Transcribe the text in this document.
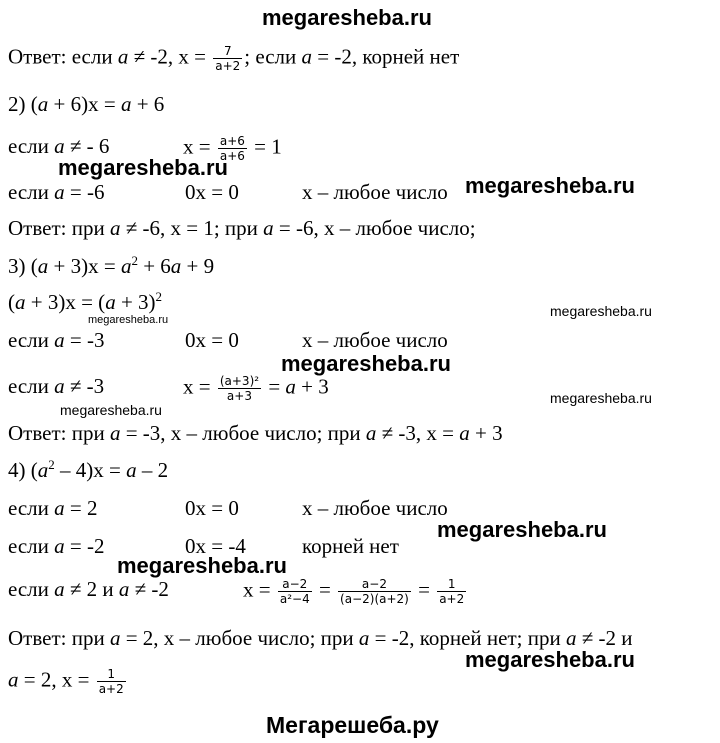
megaresheba.ru
megaresheba.ru
megaresheba.ru
megaresheba.ru
megaresheba.ru
megaresheba.ru
megaresheba.ru
megaresheba.ru
megaresheba.ru
megaresheba.ru
megaresheba.ru
Мегарешеба.ру
Ответ: если a ≠ -2, $x = \frac{7}{a+2}$ ; если a = -2, корней нет
2) (a + 6)x = a + 6
если a ≠ - 6	$x = \frac{a+6}{a+6} = 1$
если a = -6	0x = 0	x – любое число
Ответ: при a ≠ -6, x = 1; при a = -6, x – любое число;
3) $(a + 3)x = a^2 + 6a + 9$
$(a + 3)x = (a + 3)^2$
если a = -3	0x = 0	x – любое число
если a ≠ -3	$x = \frac{\text{(a+3)²}}{a+3} = a + 3$
Ответ: при a = -3, x – любое число; при a ≠ -3, x = a + 3
4) $(a^2 - 4)x = a - 2$
если a = 2	0x = 0	x – любое число
если a = -2	0x = -4	корней нет
если a ≠ 2 и a ≠ -2	$x = \frac{a-2}{\text{a²−4}} = \frac{a-2}{(a-2)(a+2)} = \frac{1}{a+2}$
Ответ: при a = 2, x – любое число; при a = -2, корней нет; при a ≠ -2 и
a = 2, $x = \frac{1}{a+2}$
